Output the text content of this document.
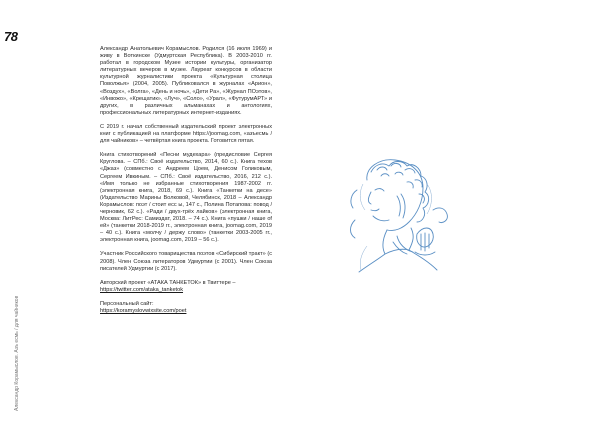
78
Александр Корамыслов. Азъ есмь / для чайников

Александр Анатольевич Корамыслов. Родился (16 июля 1969) и живу в Воткинске (Удмуртская Республика). В 2003-2010 гг. работал в городском Музее истории культуры, организатор литературных вечеров в музее. Лауреат конкурсов в области культурной журналистики проекта «Культурная столица Поволжья» (2004, 2005). Публиковался в журналах «Арион», «Воздух», «Волга», «День и ночь», «Дети Ра», «Журнал ПОэтов», «Инвожо», «Крещатик», «Луч», «Соло», «Урал», «ФутурумАРТ» и других, в различных альманахах и антологиях, профессиональных литературных интернет-изданиях.

С 2019 г. начал собственный издательский проект электронных книг с публикацией на платформе https://joomag.com, «азъесмь / для чайников» – четвёртая книга проекта. Готовится пятая.

Книга стихотворений «Песни мудехара» (предисловие Сергея Круглова. – СПб.: Своё издательство, 2014, 60 с.). Книга техов «Джаз» (совместно с Андреем Цоем, Денисом Голиковым, Сергеем Ивкиным. – СПб.: Своё издательство, 2016, 212 с.). «Имя только не избранные стихотворения 1987-2002 гг. (электронная книга, 2018, 69 с.). Книга «Танкетки на десе» (Издательство Марины Волковой, Челябинск, 2018 – Александр Корамыслов: поэт / стоит есс ы, 147 с., Полина Потапова: повод / черновик, 62 с.). «Ради / двух-трёх лайков» (электронная книга, Москва: ЛитРес: Самиздат, 2018. – 74 с.). Книга «пушки / наше of ей» (танкетки 2018-2019 гг., электронная книга, joomag.com, 2019 – 40 с.). Книга «молчу / держу слово» (танкетки 2003-2005 гг., электронная книга, joomag.com, 2019 – 56 с.).

Участник Российского товарищества поэтов «Сибирский тракт» (с 2008). Член Союза литераторов Удмуртии (с 2001). Член Союза писателей Удмуртии (с 2017).

Авторский проект «АТАКА ТАНКЕТОК» в Твиттере –
https://twitter.com/ataka_tanketok

Персональный сайт:
https://koramyslovwixsite.com/poet
